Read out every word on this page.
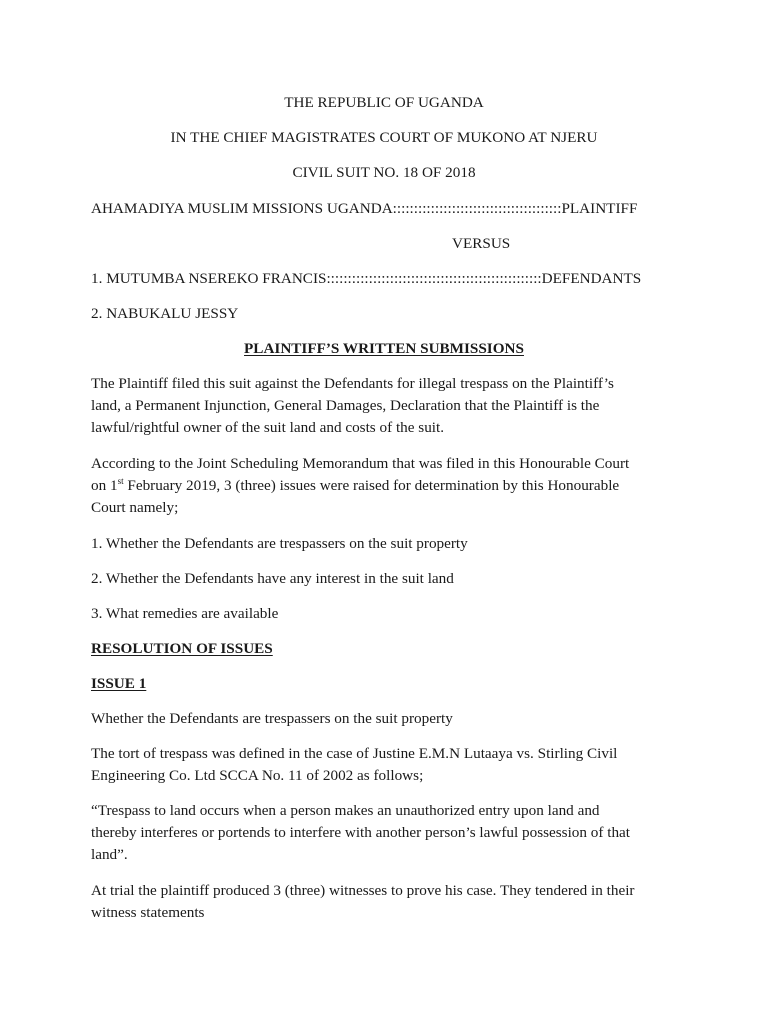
THE REPUBLIC OF UGANDA
IN THE CHIEF MAGISTRATES COURT OF MUKONO AT NJERU
CIVIL SUIT NO. 18 OF 2018
AHAMADIYA MUSLIM MISSIONS UGANDA::::::::::::::::::::::::::::::::::::::::PLAINTIFF
VERSUS
1. MUTUMBA NSEREKO FRANCIS:::::::::::::::::::::::::::::::::::::::::::::::::::DEFENDANTS
2. NABUKALU JESSY
PLAINTIFF’S WRITTEN SUBMISSIONS
The Plaintiff filed this suit against the Defendants for illegal trespass on the Plaintiff’s
land, a Permanent Injunction, General Damages, Declaration that the Plaintiff is the
lawful/rightful owner of the suit land and costs of the suit.
According to the Joint Scheduling Memorandum that was filed in this Honourable Court
on 1st February 2019, 3 (three) issues were raised for determination by this Honourable
Court namely;
1. Whether the Defendants are trespassers on the suit property
2. Whether the Defendants have any interest in the suit land
3. What remedies are available
RESOLUTION OF ISSUES
ISSUE 1
Whether the Defendants are trespassers on the suit property
The tort of trespass was defined in the case of Justine E.M.N Lutaaya vs. Stirling Civil
Engineering Co. Ltd SCCA No. 11 of 2002 as follows;
“Trespass to land occurs when a person makes an unauthorized entry upon land and
thereby interferes or portends to interfere with another person’s lawful possession of that
land”.
At trial the plaintiff produced 3 (three) witnesses to prove his case. They tendered in their
witness statements
